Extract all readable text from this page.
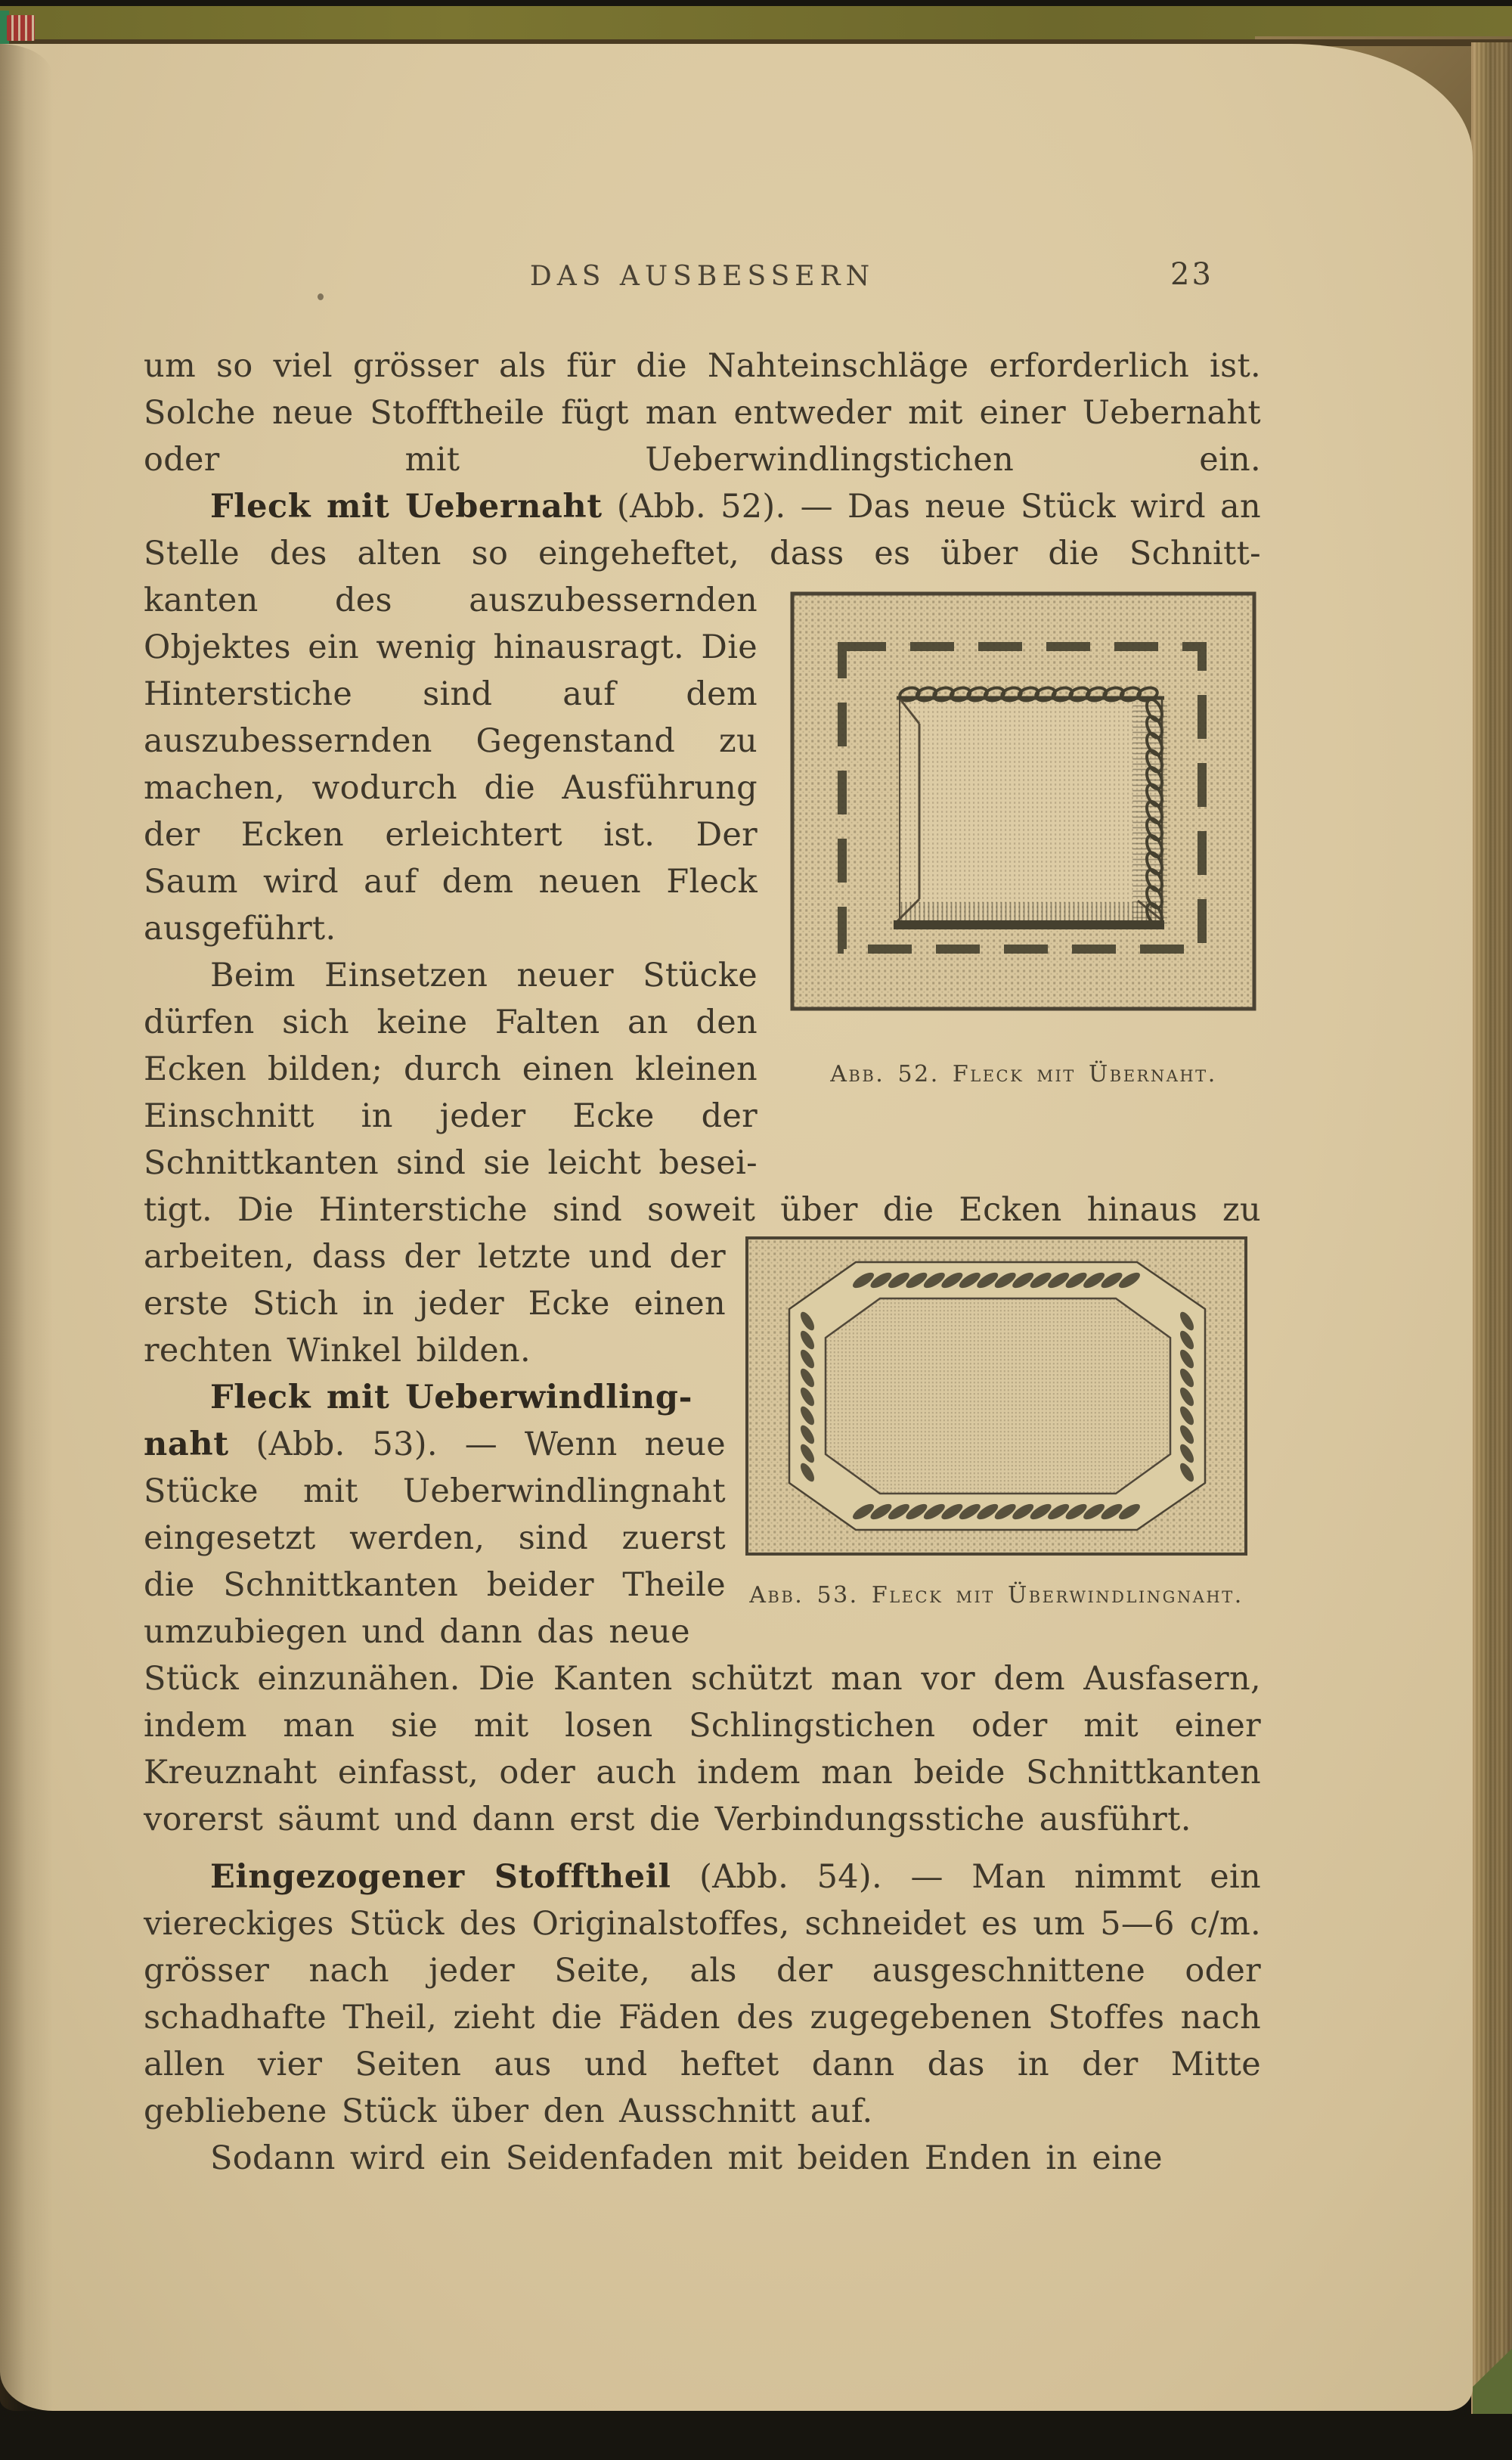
DAS AUSBESSERN	23

um so viel grösser als für die Nahteinschläge erforderlich ist. Solche neue Stofftheile fügt man entweder mit einer Uebernaht oder mit Ueberwindlingstichen ein.

Fleck mit Uebernaht (Abb. 52). — Das neue Stück wird an Stelle des alten so eingeheftet, dass es über die Schnitt-

kanten des auszubessernden Objektes ein wenig hinausragt. Die Hinterstiche sind auf dem auszubessernden Gegenstand zu machen, wodurch die Ausführung der Ecken erleichtert ist. Der Saum wird auf dem neuen Fleck ausgeführt.

Beim Einsetzen neuer Stücke dürfen sich keine Falten an den Ecken bilden; durch einen kleinen Einschnitt in jeder Ecke der Schnittkanten sind sie leicht besei-

Abb. 52. Fleck mit Übernaht.

tigt. Die Hinterstiche sind soweit über die Ecken hinaus zu

arbeiten, dass der letzte und der erste Stich in jeder Ecke einen rechten Winkel bilden.

Fleck mit Ueberwindling-
naht (Abb. 53). — Wenn neue Stücke mit Ueberwindlingnaht eingesetzt werden, sind zuerst die Schnittkanten beider Theile umzubiegen und dann das neue

Abb. 53. Fleck mit Überwindlingnaht.

Stück einzunähen. Die Kanten schützt man vor dem Ausfasern, indem man sie mit losen Schlingstichen oder mit einer Kreuznaht einfasst, oder auch indem man beide Schnittkanten vorerst säumt und dann erst die Verbindungsstiche ausführt.

Eingezogener Stofftheil (Abb. 54). — Man nimmt ein viereckiges Stück des Originalstoffes, schneidet es um 5—6 c/m. grösser nach jeder Seite, als der ausgeschnittene oder schadhafte Theil, zieht die Fäden des zugegebenen Stoffes nach allen vier Seiten aus und heftet dann das in der Mitte gebliebene Stück über den Ausschnitt auf.

Sodann wird ein Seidenfaden mit beiden Enden in eine
